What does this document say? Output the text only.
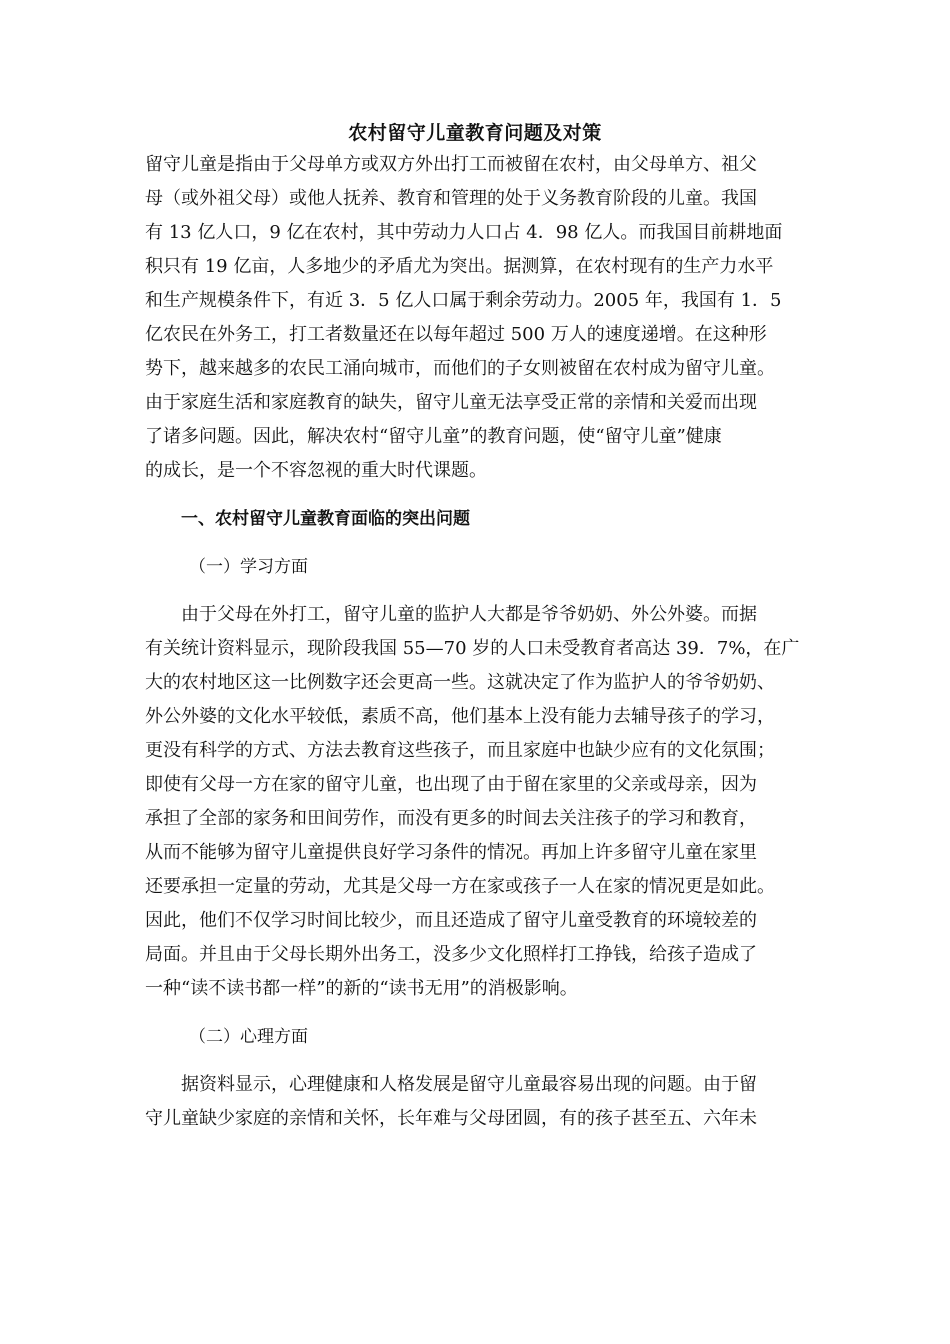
农村留守儿童教育问题及对策
留守儿童是指由于父母单方或双方外出打工而被留在农村，由父母单方、祖父
母（或外祖父母）或他人抚养、教育和管理的处于义务教育阶段的儿童。我国
有 13 亿人口，9 亿在农村，其中劳动力人口占 4．98 亿人。而我国目前耕地面
积只有 19 亿亩，人多地少的矛盾尤为突出。据测算，在农村现有的生产力水平
和生产规模条件下，有近 3．5 亿人口属于剩余劳动力。2005 年，我国有 1．5
亿农民在外务工，打工者数量还在以每年超过 500 万人的速度递增。在这种形
势下，越来越多的农民工涌向城市，而他们的子女则被留在农村成为留守儿童。
由于家庭生活和家庭教育的缺失，留守儿童无法享受正常的亲情和关爱而出现
了诸多问题。因此，解决农村“留守儿童”的教育问题，使“留守儿童”健康
的成长，是一个不容忽视的重大时代课题。
一、农村留守儿童教育面临的突出问题
（一）学习方面
由于父母在外打工，留守儿童的监护人大都是爷爷奶奶、外公外婆。而据
有关统计资料显示，现阶段我国 55—70 岁的人口未受教育者高达 39．7%，在广
大的农村地区这一比例数字还会更高一些。这就决定了作为监护人的爷爷奶奶、
外公外婆的文化水平较低，素质不高，他们基本上没有能力去辅导孩子的学习，
更没有科学的方式、方法去教育这些孩子，而且家庭中也缺少应有的文化氛围；
即使有父母一方在家的留守儿童，也出现了由于留在家里的父亲或母亲，因为
承担了全部的家务和田间劳作，而没有更多的时间去关注孩子的学习和教育，
从而不能够为留守儿童提供良好学习条件的情况。再加上许多留守儿童在家里
还要承担一定量的劳动，尤其是父母一方在家或孩子一人在家的情况更是如此。
因此，他们不仅学习时间比较少，而且还造成了留守儿童受教育的环境较差的
局面。并且由于父母长期外出务工，没多少文化照样打工挣钱，给孩子造成了
一种“读不读书都一样”的新的“读书无用”的消极影响。
（二）心理方面
据资料显示，心理健康和人格发展是留守儿童最容易出现的问题。由于留
守儿童缺少家庭的亲情和关怀，长年难与父母团圆，有的孩子甚至五、六年未
